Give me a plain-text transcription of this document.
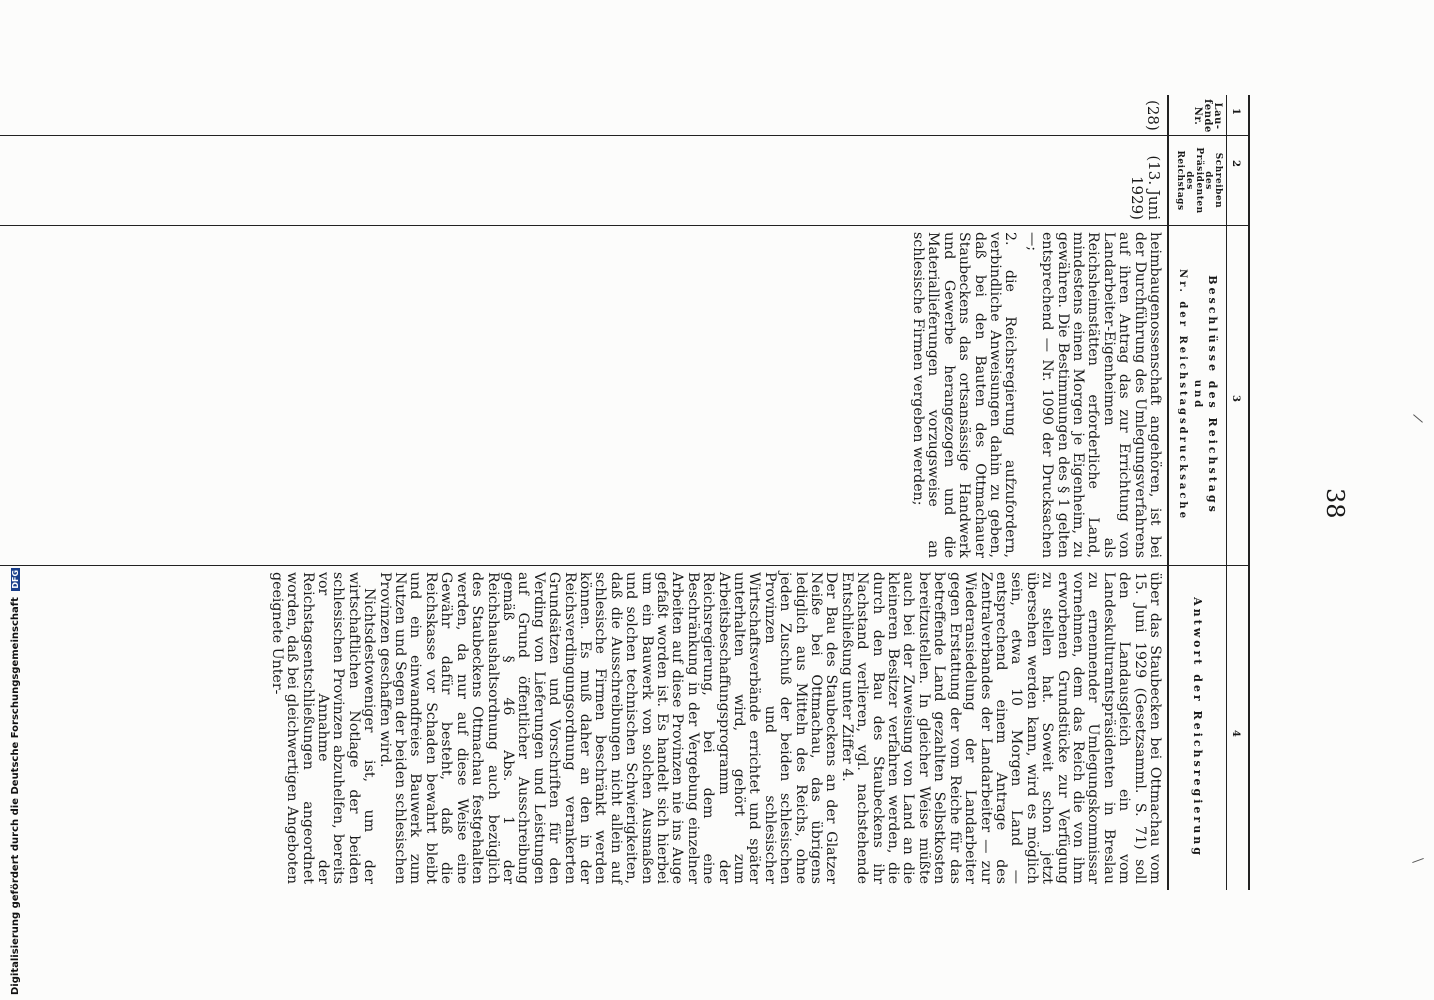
38
1
2
3
4
Lau-
fende
Nr.
Schreiben
des
Präsidenten
des
Reichstags
Beschlüsse des Reichstags
und
Nr. der Reichstagsdrucksache
Antwort der Reichsregierung
(28)
(13. Juni
1929)

heimbaugenossenschaft angehören, ist bei der Durchführung des Umlegungsverfahrens auf ihren Antrag das zur Errichtung von Landarbeiter-Eigenheimen als Reichsheimstätten erforderliche Land, mindestens einen Morgen je Eigenheim, zu gewähren. Die Bestimmungen des § 1 gelten entsprechend — Nr. 1090 der Drucksachen —;

2. die Reichsregierung aufzufordern, verbindliche Anweisungen dahin zu geben, daß bei den Bauten des Ottmachauer Staubeckens das ortsansässige Handwerk und Gewerbe herangezogen und die Materiallieferungen vorzugsweise an schlesische Firmen vergeben werden;

über das Staubecken bei Ottmachau vom 15. Juni 1929 (Gesetzsamml. S. 71) soll den Landausgleich ein vom Landeskulturamtspräsidenten in Breslau zu ernennender Umlegungskommissar vornehmen, dem das Reich die von ihm erworbenen Grundstücke zur Verfügung zu stellen hat. Soweit schon jetzt übersehen werden kann, wird es möglich sein, etwa 10 Morgen Land — entsprechend einem Antrage des Zentralverbandes der Landarbeiter — zur Wiederansiedelung der Landarbeiter gegen Erstattung der vom Reiche für das betreffende Land gezahlten Selbstkosten bereitzustellen. In gleicher Weise müßte auch bei der Zuweisung von Land an die kleineren Besitzer verfahren werden, die durch den Bau des Staubeckens ihr Nachstand verlieren, vgl. nachstehende Entschließung unter Ziffer 4.

Der Bau des Staubeckens an der Glatzer Neiße bei Ottmachau, das übrigens lediglich aus Mitteln des Reichs, ohne jeden Zuschuß der beiden schlesischen Provinzen und schlesischer Wirtschaftsverbände errichtet und später unterhalten wird, gehört zum Arbeitsbeschaffungsprogramm der Reichsregierung, bei dem eine Beschränkung in der Vergebung einzelner Arbeiten auf diese Provinzen nie ins Auge gefaßt worden ist. Es handelt sich hierbei um ein Bauwerk von solchen Ausmaßen und solchen technischen Schwierigkeiten, daß die Ausschreibungen nicht allein auf schlesische Firmen beschränkt werden können. Es muß daher an den in der Reichsverdingungsordnung verankerten Grundsätzen und Vorschriften für den Verding von Lieferungen und Leistungen auf Grund öffentlicher Ausschreibung gemäß § 46 Abs. 1 der Reichshaushaltsordnung auch bezüglich des Staubeckens Ottmachau festgehalten werden, da nur auf diese Weise eine Gewähr dafür besteht, daß die Reichskasse vor Schaden bewahrt bleibt und ein einwandfreies Bauwerk zum Nutzen und Segen der beiden schlesischen Provinzen geschaffen wird.

Nichtsdestoweniger ist, um der wirtschaftlichen Notlage der beiden schlesischen Provinzen abzuhelfen, bereits vor Annahme der Reichstagsentschließungen angeordnet worden, daß bei gleichwertigen Angeboten geeignete Unter-

Digitalisierung gefördert durch die Deutsche Forschungsgemeinschaft DFG
